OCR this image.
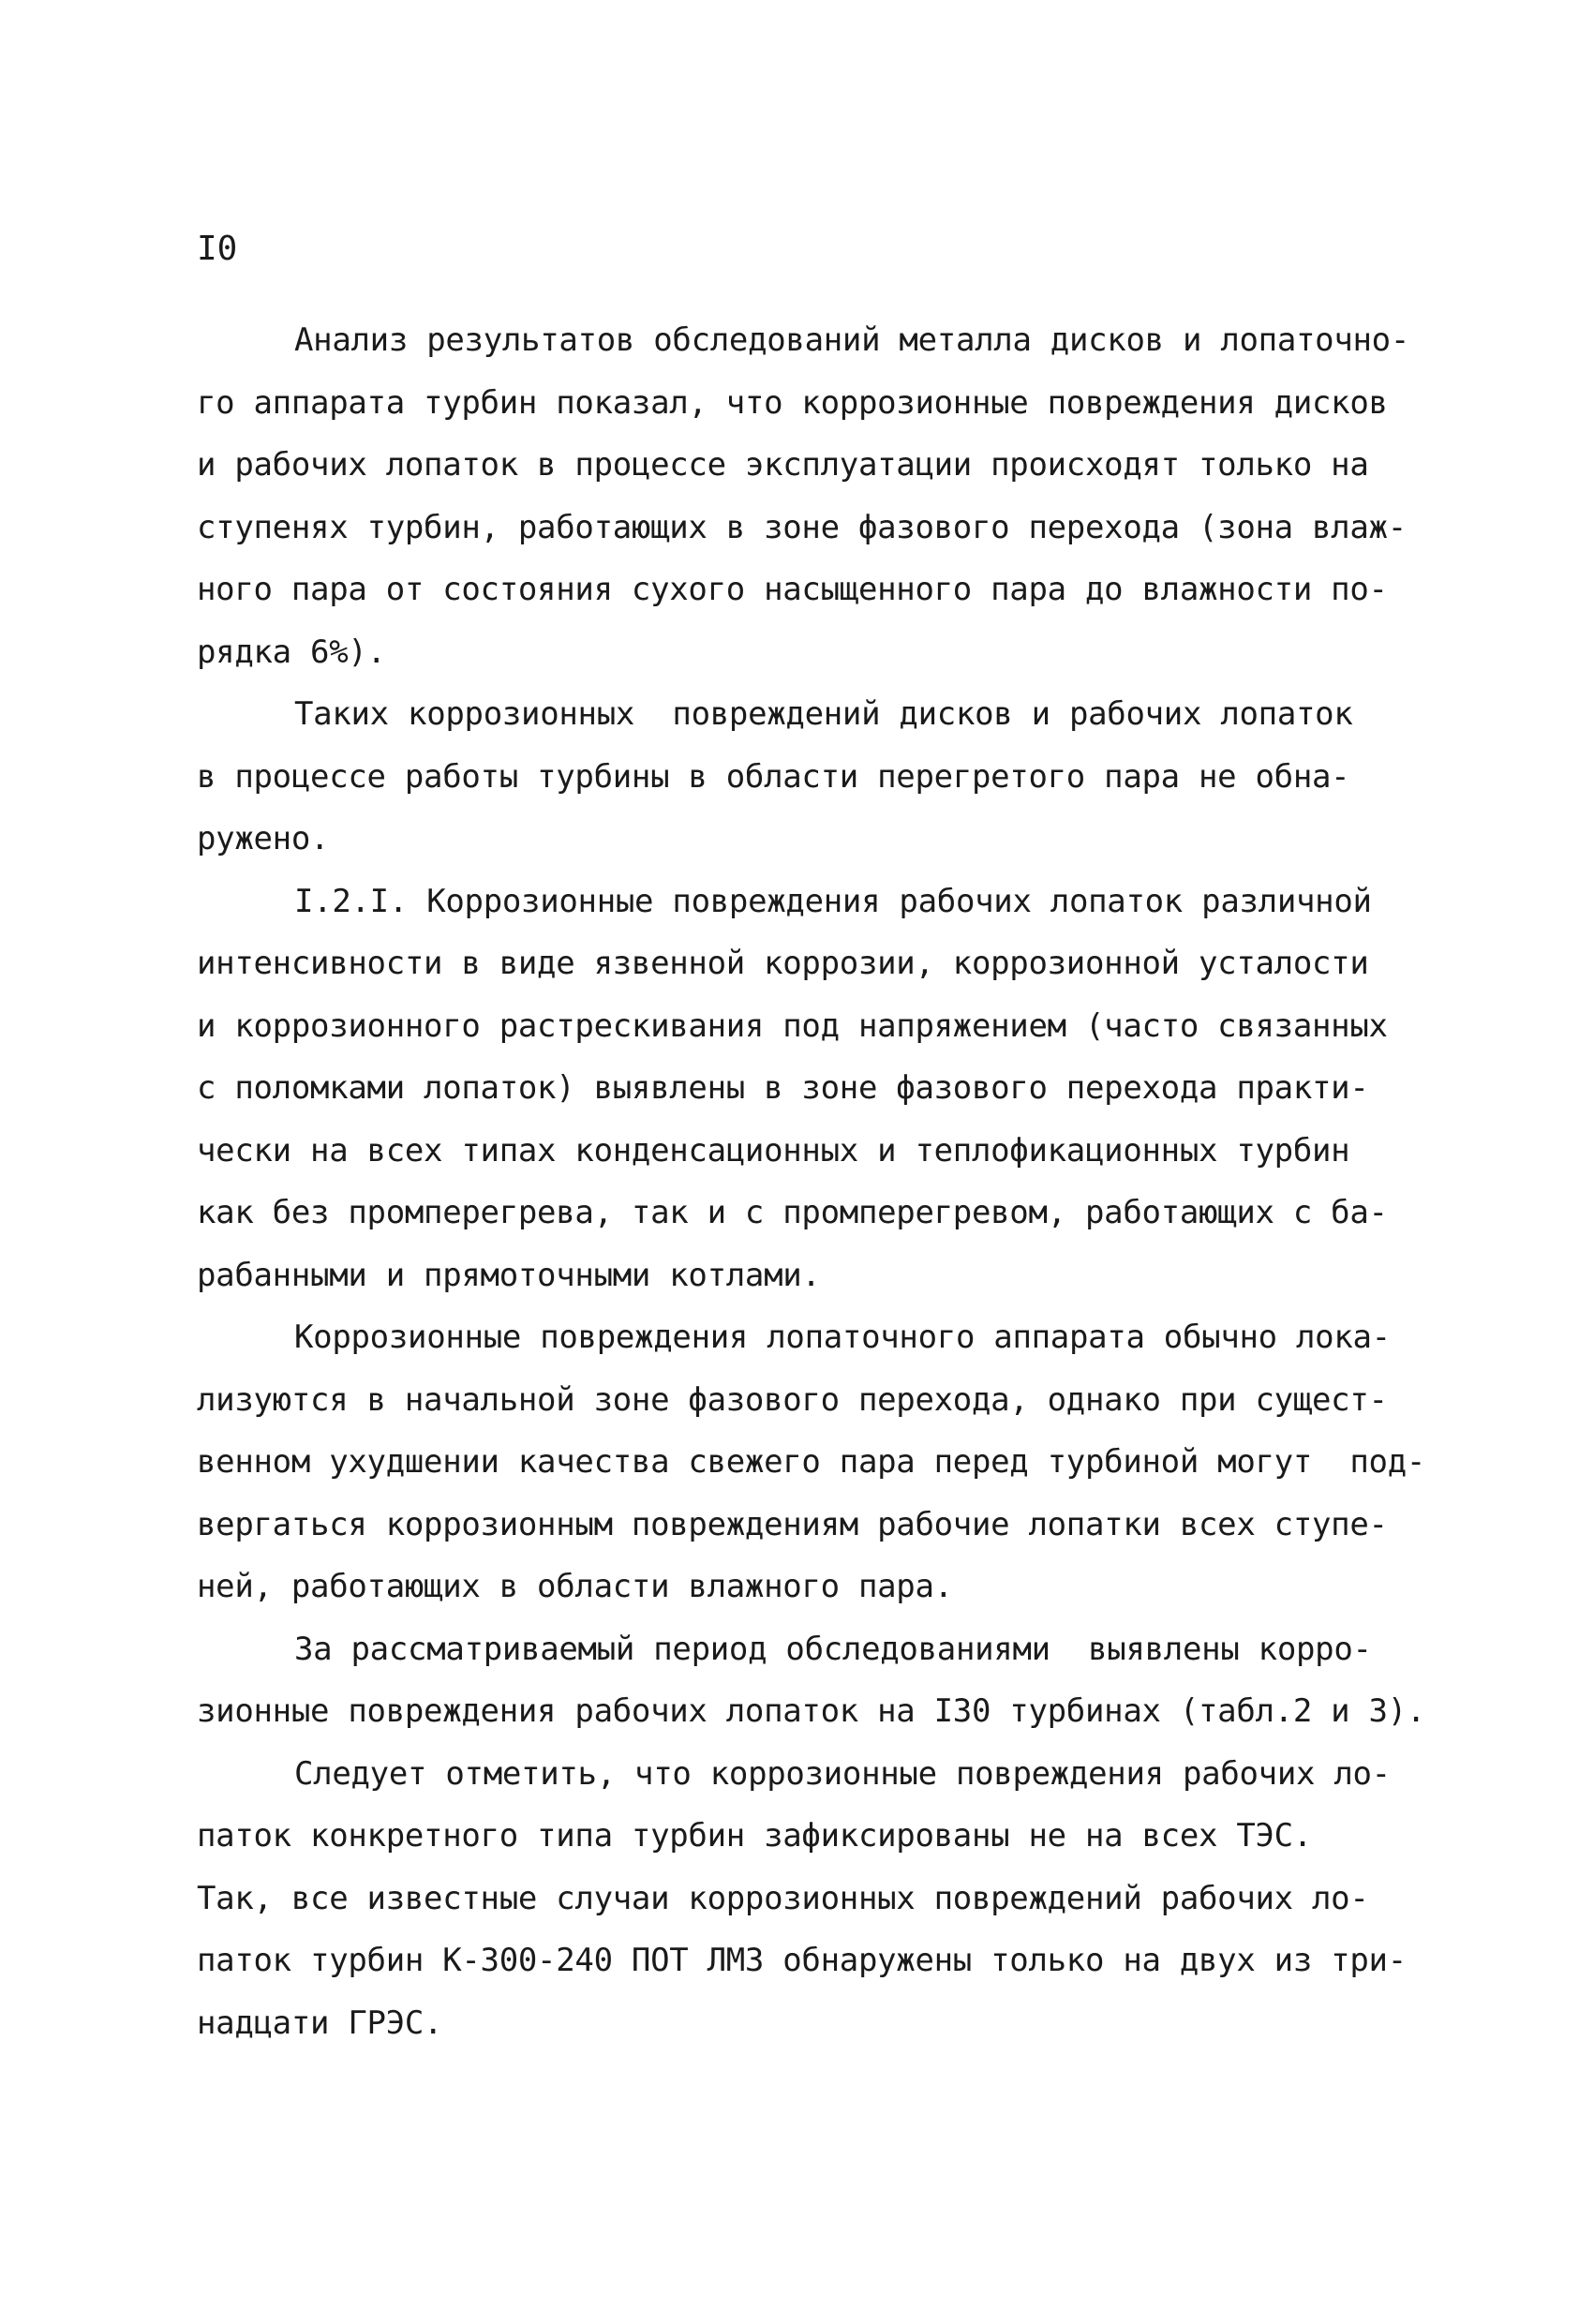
I0
Анализ результатов обследований металла дисков и лопаточно-
го аппарата турбин показал, что коррозионные повреждения дисков
и рабочих лопаток в процессе эксплуатации происходят только на
ступенях турбин, работающих в зоне фазового перехода (зона влаж-
ного пара от состояния сухого насыщенного пара до влажности по-
рядка 6%).
Таких коррозионных  повреждений дисков и рабочих лопаток
в процессе работы турбины в области перегретого пара не обна-
ружено.
I.2.I. Коррозионные повреждения рабочих лопаток различной
интенсивности в виде язвенной коррозии, коррозионной усталости
и коррозионного растрескивания под напряжением (часто связанных
с поломками лопаток) выявлены в зоне фазового перехода практи-
чески на всех типах конденсационных и теплофикационных турбин
как без промперегрева, так и с промперегревом, работающих с ба-
рабанными и прямоточными котлами.
Коррозионные повреждения лопаточного аппарата обычно лока-
лизуются в начальной зоне фазового перехода, однако при сущест-
венном ухудшении качества свежего пара перед турбиной могут  под-
вергаться коррозионным повреждениям рабочие лопатки всех ступе-
ней, работающих в области влажного пара.
За рассматриваемый период обследованиями  выявлены корро-
зионные повреждения рабочих лопаток на I30 турбинах (табл.2 и 3).
Следует отметить, что коррозионные повреждения рабочих ло-
паток конкретного типа турбин зафиксированы не на всех ТЭС.
Так, все известные случаи коррозионных повреждений рабочих ло-
паток турбин К-300-240 ПОТ ЛМЗ обнаружены только на двух из три-
надцати ГРЭС.
